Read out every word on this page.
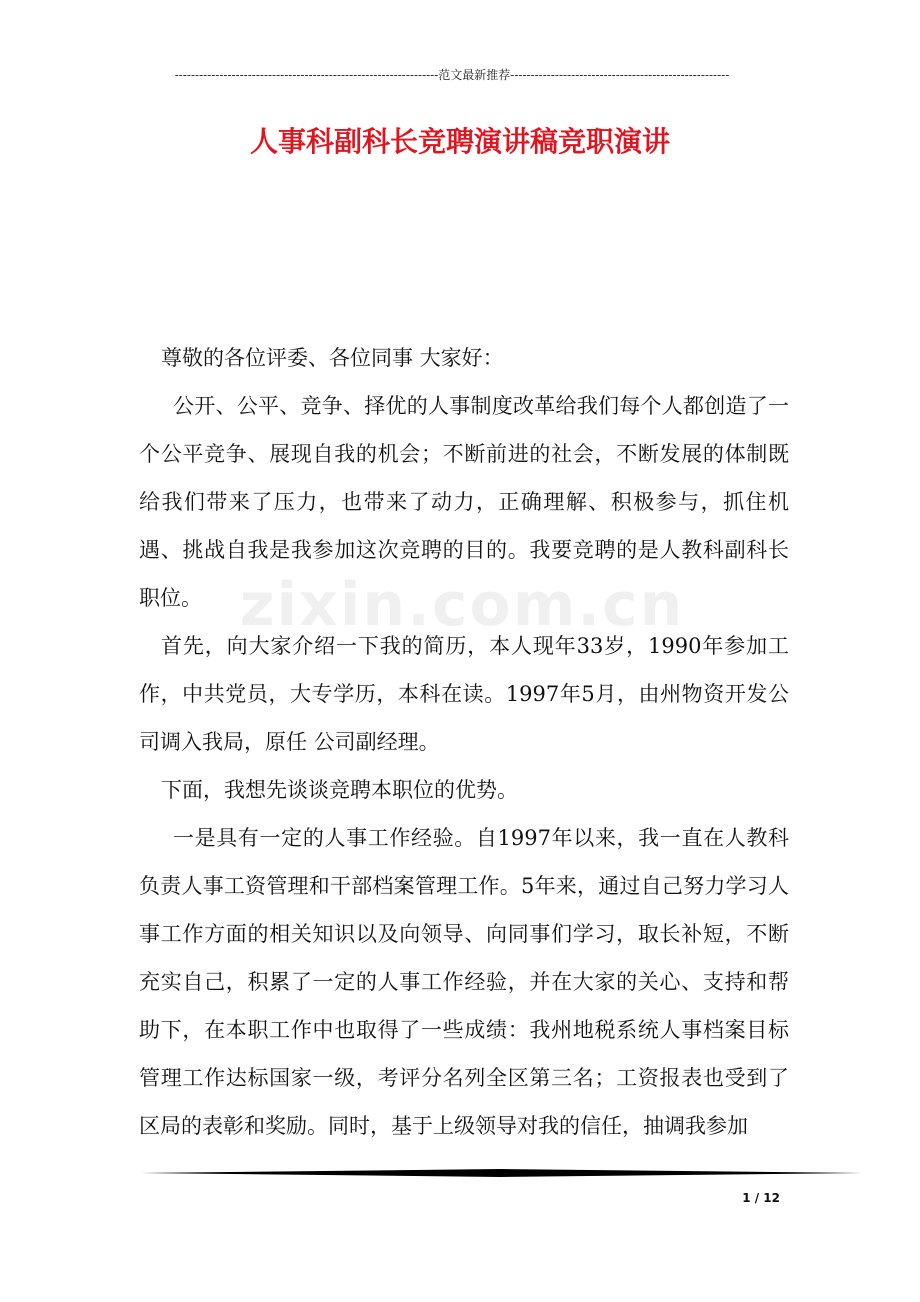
-----------------------------------------------------------------范文最新推荐------------------------------------------------------
人事科副科长竞聘演讲稿竞职演讲
zixin.com.cn

尊敬的各位评委、各位同事 大家好：

公开、公平、竞争、择优的人事制度改革给我们每个人都创造了一个公平竞争、展现自我的机会；不断前进的社会，不断发展的体制既给我们带来了压力，也带来了动力，正确理解、积极参与，抓住机遇、挑战自我是我参加这次竞聘的目的。我要竞聘的是人教科副科长职位。

首先，向大家介绍一下我的简历，本人现年33岁，1990年参加工作，中共党员，大专学历，本科在读。1997年5月，由州物资开发公司调入我局，原任 公司副经理。

下面，我想先谈谈竞聘本职位的优势。

一是具有一定的人事工作经验。自1997年以来，我一直在人教科负责人事工资管理和干部档案管理工作。5年来，通过自己努力学习人事工作方面的相关知识以及向领导、向同事们学习，取长补短，不断充实自己，积累了一定的人事工作经验，并在大家的关心、支持和帮助下，在本职工作中也取得了一些成绩：我州地税系统人事档案目标管理工作达标国家一级，考评分名列全区第三名；工资报表也受到了区局的表彰和奖励。同时，基于上级领导对我的信任，抽调我参加

1 / 12
